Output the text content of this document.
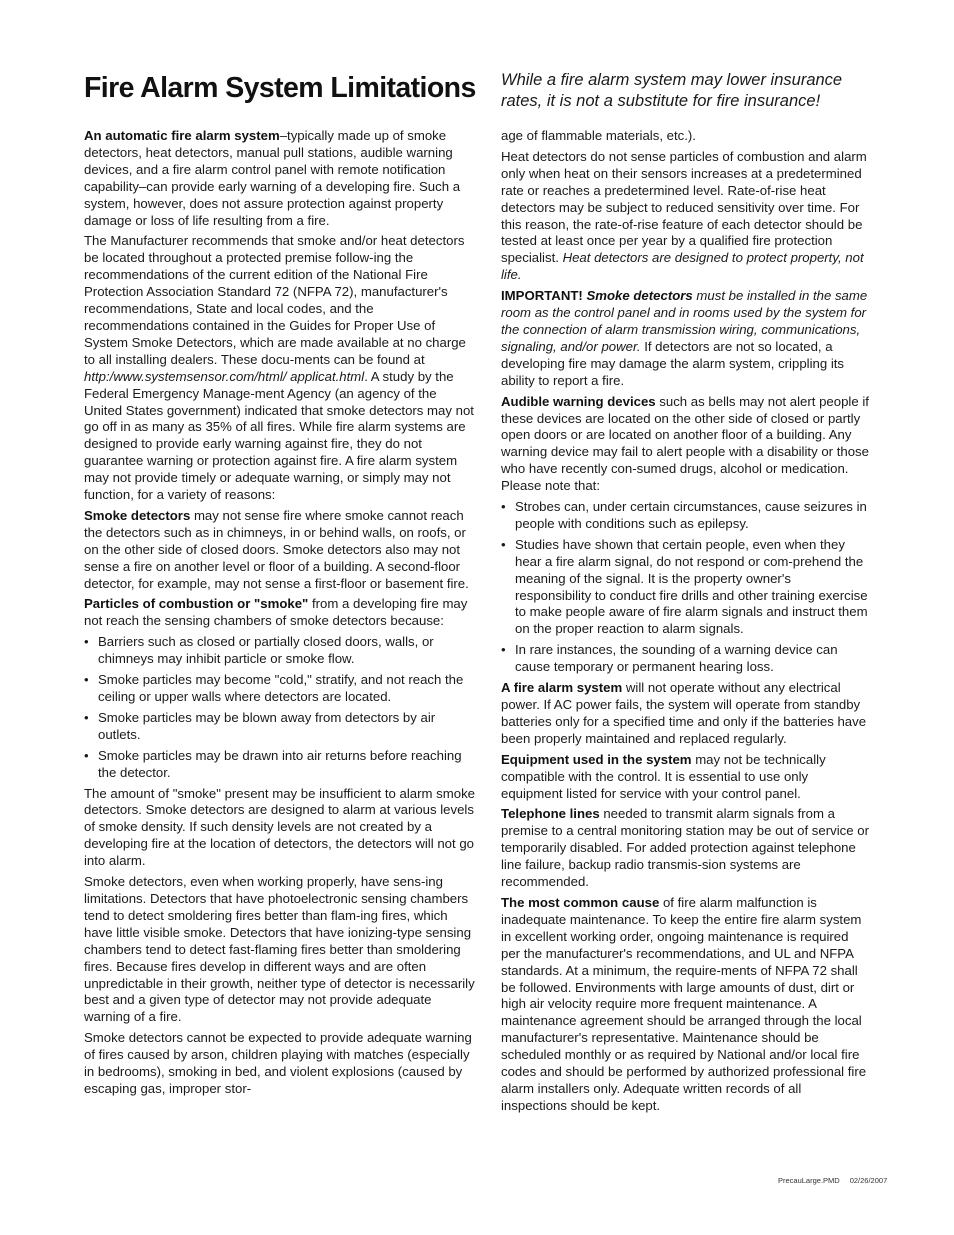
Fire Alarm System Limitations	While a fire alarm system may lower insurance rates, it is not a substitute for fire insurance!

An automatic fire alarm system–typically made up of smoke detectors, heat detectors, manual pull stations, audible warning devices, and a fire alarm control panel with remote notification capability–can provide early warning of a developing fire. Such a system, however, does not assure protection against property damage or loss of life resulting from a fire.

The Manufacturer recommends that smoke and/or heat detectors be located throughout a protected premise follow-ing the recommendations of the current edition of the National Fire Protection Association Standard 72 (NFPA 72), manufacturer's recommendations, State and local codes, and the recommendations contained in the Guides for Proper Use of System Smoke Detectors, which are made available at no charge to all installing dealers. These docu-ments can be found at http:/www.systemsensor.com/html/ applicat.html. A study by the Federal Emergency Manage-ment Agency (an agency of the United States government) indicated that smoke detectors may not go off in as many as 35% of all fires. While fire alarm systems are designed to provide early warning against fire, they do not guarantee warning or protection against fire. A fire alarm system may not provide timely or adequate warning, or simply may not function, for a variety of reasons:

Smoke detectors may not sense fire where smoke cannot reach the detectors such as in chimneys, in or behind walls, on roofs, or on the other side of closed doors. Smoke detectors also may not sense a fire on another level or floor of a building. A second-floor detector, for example, may not sense a first-floor or basement fire.

Particles of combustion or "smoke" from a developing fire may not reach the sensing chambers of smoke detectors because:

• Barriers such as closed or partially closed doors, walls, or chimneys may inhibit particle or smoke flow.
• Smoke particles may become "cold," stratify, and not reach the ceiling or upper walls where detectors are located.
• Smoke particles may be blown away from detectors by air outlets.
• Smoke particles may be drawn into air returns before reaching the detector.

The amount of "smoke" present may be insufficient to alarm smoke detectors. Smoke detectors are designed to alarm at various levels of smoke density. If such density levels are not created by a developing fire at the location of detectors, the detectors will not go into alarm.

Smoke detectors, even when working properly, have sens-ing limitations. Detectors that have photoelectronic sensing chambers tend to detect smoldering fires better than flam-ing fires, which have little visible smoke. Detectors that have ionizing-type sensing chambers tend to detect fast-flaming fires better than smoldering fires. Because fires develop in different ways and are often unpredictable in their growth, neither type of detector is necessarily best and a given type of detector may not provide adequate warning of a fire.

Smoke detectors cannot be expected to provide adequate warning of fires caused by arson, children playing with matches (especially in bedrooms), smoking in bed, and violent explosions (caused by escaping gas, improper stor-

age of flammable materials, etc.).

Heat detectors do not sense particles of combustion and alarm only when heat on their sensors increases at a predetermined rate or reaches a predetermined level. Rate-of-rise heat detectors may be subject to reduced sensitivity over time. For this reason, the rate-of-rise feature of each detector should be tested at least once per year by a qualified fire protection specialist. Heat detectors are designed to protect property, not life.

IMPORTANT! Smoke detectors must be installed in the same room as the control panel and in rooms used by the system for the connection of alarm transmission wiring, communications, signaling, and/or power. If detectors are not so located, a developing fire may damage the alarm system, crippling its ability to report a fire.

Audible warning devices such as bells may not alert people if these devices are located on the other side of closed or partly open doors or are located on another floor of a building. Any warning device may fail to alert people with a disability or those who have recently con-sumed drugs, alcohol or medication. Please note that:

• Strobes can, under certain circumstances, cause seizures in people with conditions such as epilepsy.
• Studies have shown that certain people, even when they hear a fire alarm signal, do not respond or com-prehend the meaning of the signal. It is the property owner's responsibility to conduct fire drills and other training exercise to make people aware of fire alarm signals and instruct them on the proper reaction to alarm signals.
• In rare instances, the sounding of a warning device can cause temporary or permanent hearing loss.

A fire alarm system will not operate without any electrical power. If AC power fails, the system will operate from standby batteries only for a specified time and only if the batteries have been properly maintained and replaced regularly.

Equipment used in the system may not be technically compatible with the control. It is essential to use only equipment listed for service with your control panel.

Telephone lines needed to transmit alarm signals from a premise to a central monitoring station may be out of service or temporarily disabled. For added protection against telephone line failure, backup radio transmis-sion systems are recommended.

The most common cause of fire alarm malfunction is inadequate maintenance. To keep the entire fire alarm system in excellent working order, ongoing maintenance is required per the manufacturer's recommendations, and UL and NFPA standards. At a minimum, the require-ments of NFPA 72 shall be followed. Environments with large amounts of dust, dirt or high air velocity require more frequent maintenance. A maintenance agreement should be arranged through the local manufacturer's representative. Maintenance should be scheduled monthly or as required by National and/or local fire codes and should be performed by authorized professional fire alarm installers only. Adequate written records of all inspections should be kept.

PrecauLarge.PMD 02/26/2007
